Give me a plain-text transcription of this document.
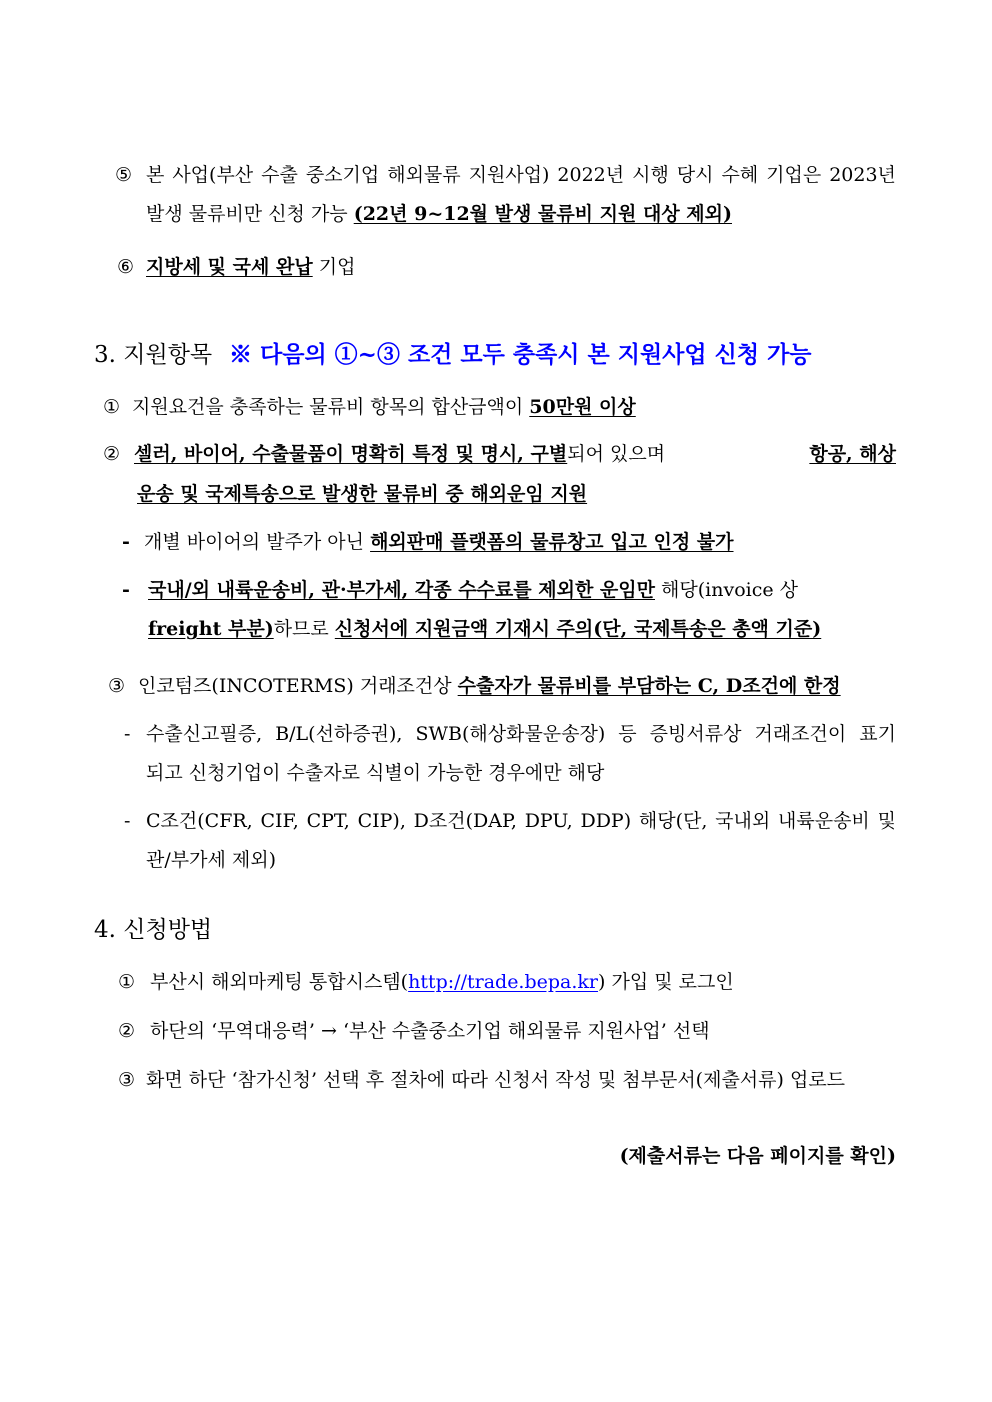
⑤ 본 사업(부산 수출 중소기업 해외물류 지원사업) 2022년 시행 당시 수혜 기업은 2023년
발생 물류비만 신청 가능 (22년 9~12월 발생 물류비 지원 대상 제외)
⑥ 지방세 및 국세 완납 기업
3. 지원항목 ※ 다음의 ①~③ 조건 모두 충족시 본 지원사업 신청 가능
① 지원요건을 충족하는 물류비 항목의 합산금액이 50만원 이상
② 셀러, 바이어, 수출물품이 명확히 특정 및 명시, 구별되어 있으며	항공, 해상
운송 및 국제특송으로 발생한 물류비 중 해외운임 지원
- 개별 바이어의 발주가 아닌 해외판매 플랫폼의 물류창고 입고 인정 불가
- 국내/외 내륙운송비, 관·부가세, 각종 수수료를 제외한 운임만 해당(invoice 상
freight 부분)하므로 신청서에 지원금액 기재시 주의(단, 국제특송은 총액 기준)
③ 인코텀즈(INCOTERMS) 거래조건상 수출자가 물류비를 부담하는 C, D조건에 한정
- 수출신고필증, B/L(선하증권), SWB(해상화물운송장) 등 증빙서류상 거래조건이 표기
되고 신청기업이 수출자로 식별이 가능한 경우에만 해당
- C조건(CFR, CIF, CPT, CIP), D조건(DAP, DPU, DDP) 해당(단, 국내외 내륙운송비 및
관/부가세 제외)
4. 신청방법
① 부산시 해외마케팅 통합시스템(http://trade.bepa.kr) 가입 및 로그인
② 하단의 ‘무역대응력’ → ‘부산 수출중소기업 해외물류 지원사업’ 선택
③ 화면 하단 ‘참가신청’ 선택 후 절차에 따라 신청서 작성 및 첨부문서(제출서류) 업로드
(제출서류는 다음 페이지를 확인)
